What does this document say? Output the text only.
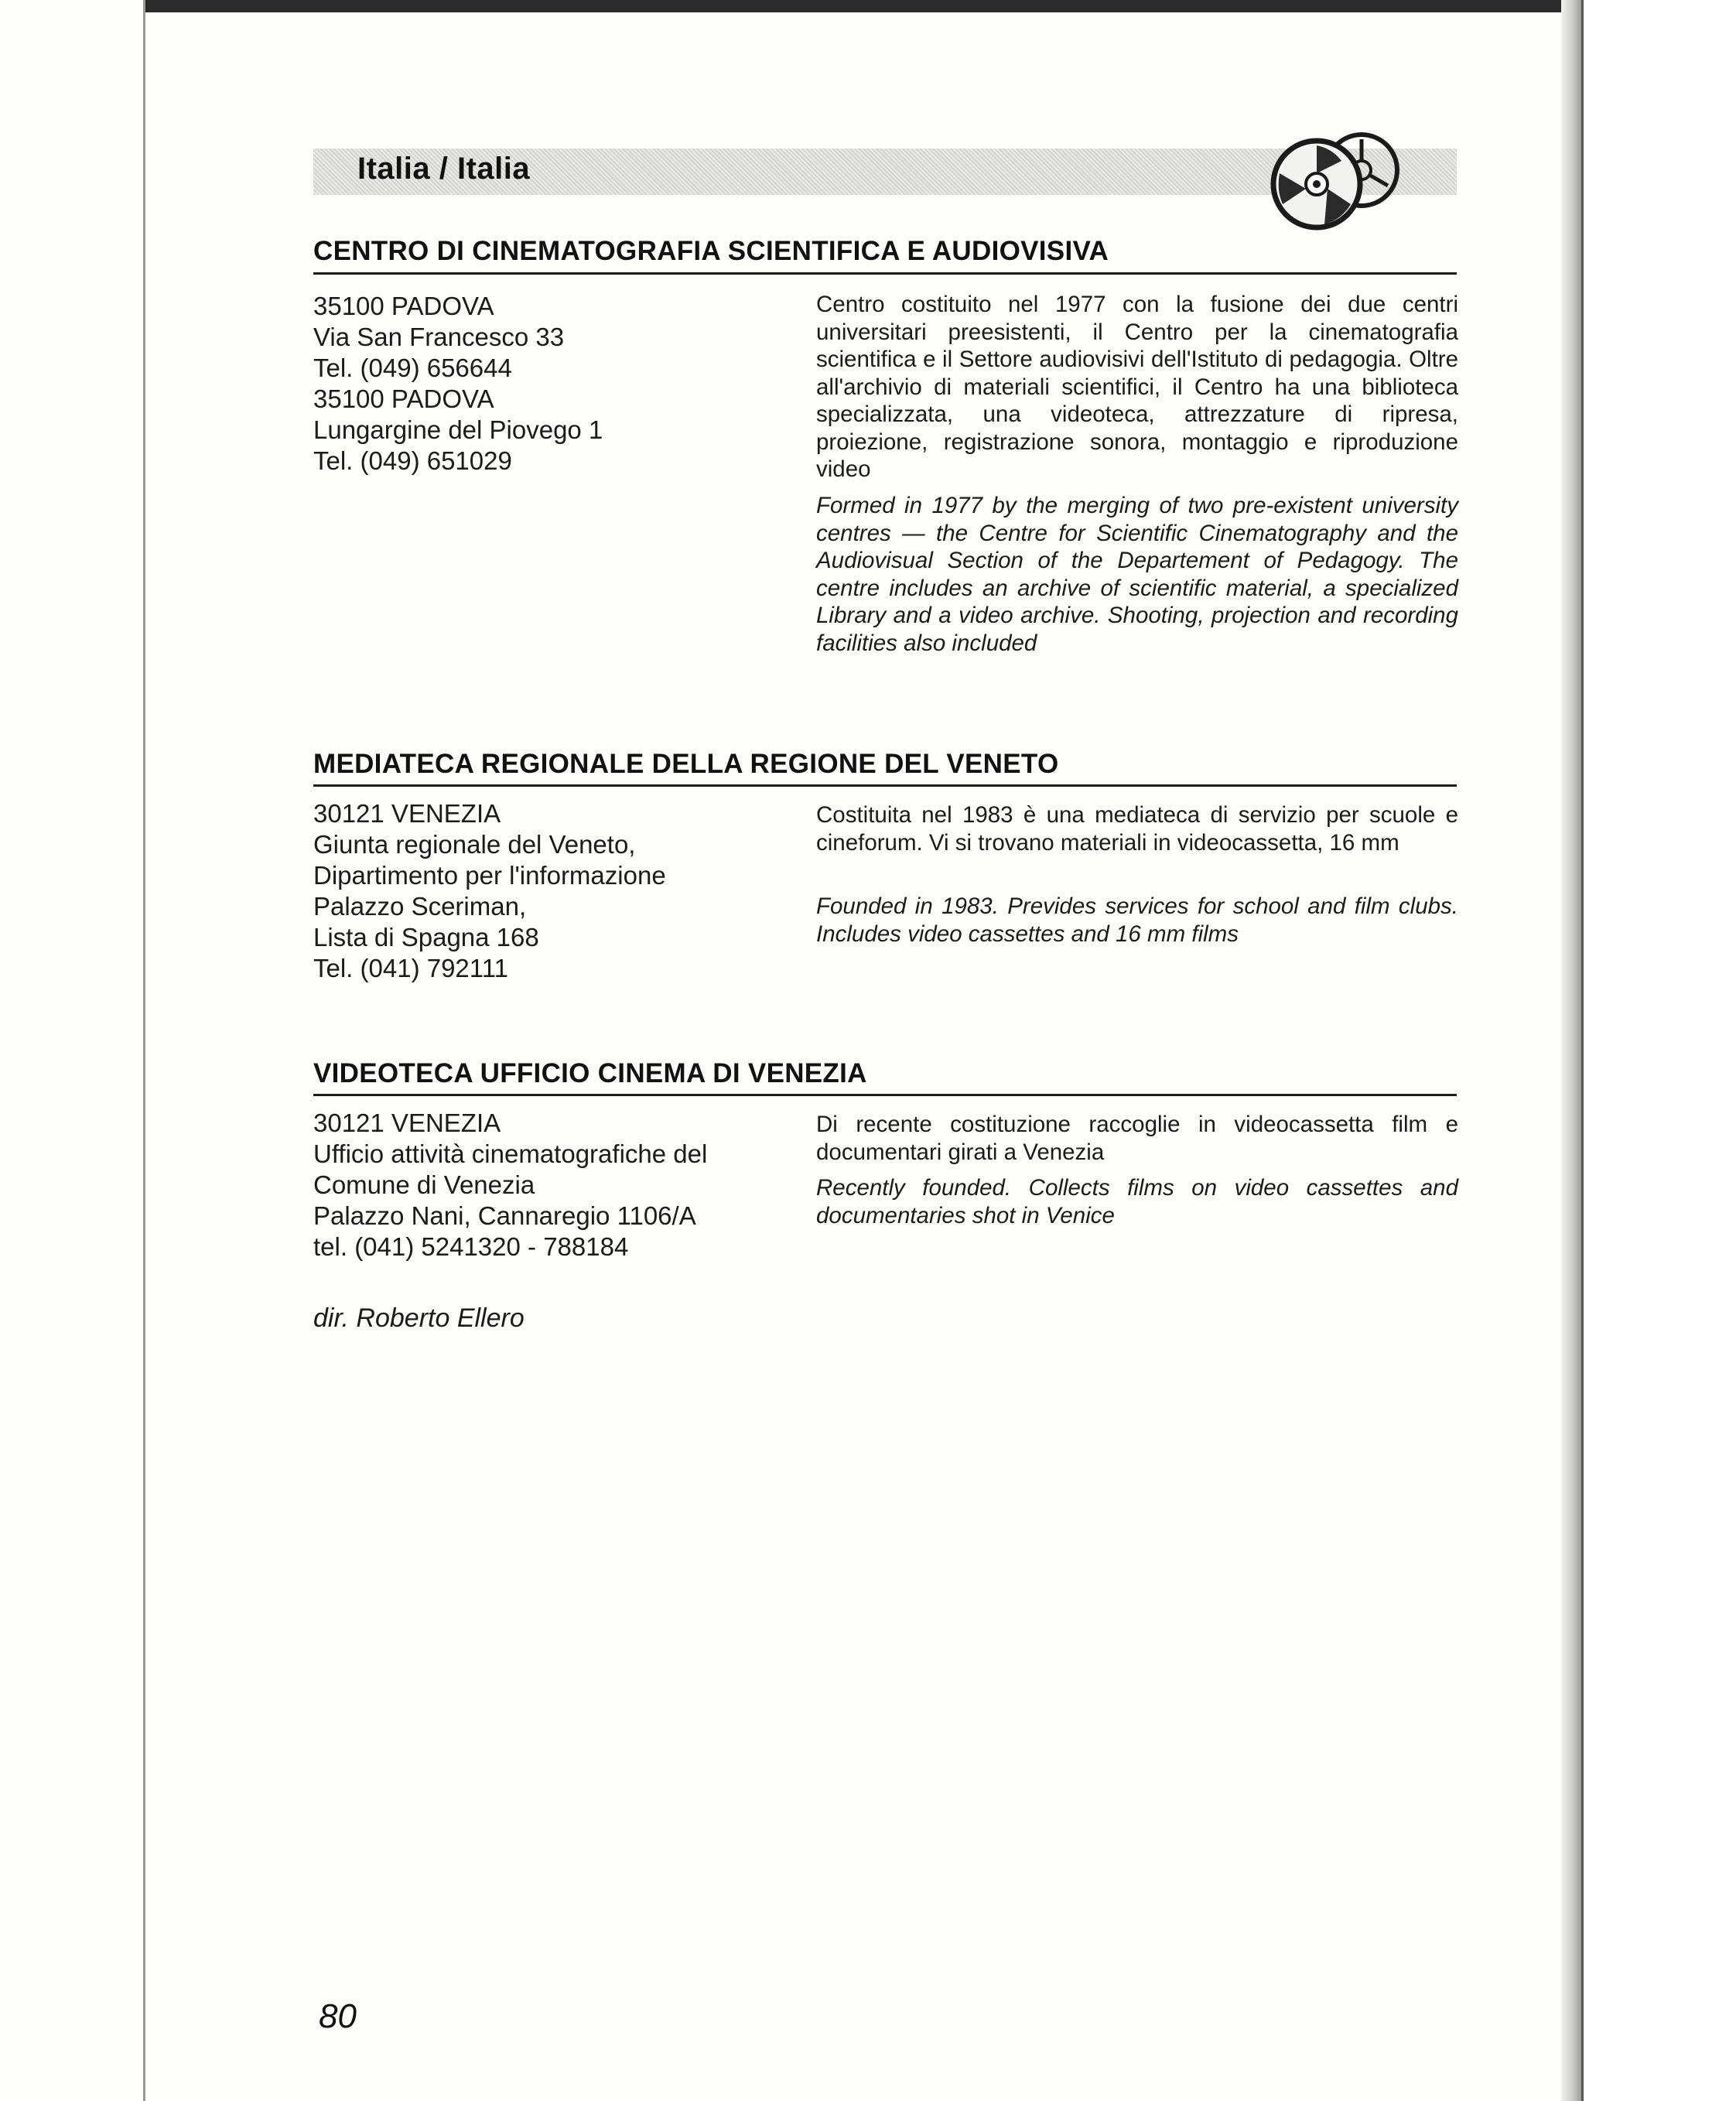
Italia / Italia
CENTRO DI CINEMATOGRAFIA SCIENTIFICA E AUDIOVISIVA
35100 PADOVA
Via San Francesco 33
Tel. (049) 656644
35100 PADOVA
Lungargine del Piovego 1
Tel. (049) 651029
Centro costituito nel 1977 con la fusione dei due centri universitari preesistenti, il Centro per la cinematografia scientifica e il Settore audiovisivi dell'Istituto di pedagogia. Oltre all'archivio di materiali scientifici, il Centro ha una biblioteca specializzata, una videoteca, attrezzature di ripresa, proiezione, registrazione sonora, montaggio e riproduzione video
Formed in 1977 by the merging of two pre-existent university centres — the Centre for Scientific Cinematography and the Audiovisual Section of the Departement of Pedagogy. The centre includes an archive of scientific material, a specialized Library and a video archive. Shooting, projection and recording facilities also included
MEDIATECA REGIONALE DELLA REGIONE DEL VENETO
30121 VENEZIA
Giunta regionale del Veneto,
Dipartimento per l'informazione
Palazzo Sceriman,
Lista di Spagna 168
Tel. (041) 792111
Costituita nel 1983 è una mediateca di servizio per scuole e cineforum. Vi si trovano materiali in videocassetta, 16 mm
Founded in 1983. Prevides services for school and film clubs. Includes video cassettes and 16 mm films
VIDEOTECA UFFICIO CINEMA DI VENEZIA
30121 VENEZIA
Ufficio attività cinematografiche del
Comune di Venezia
Palazzo Nani, Cannaregio 1106/A
tel. (041) 5241320 - 788184
Di recente costituzione raccoglie in videocassetta film e documentari girati a Venezia
Recently founded. Collects films on video cassettes and documentaries shot in Venice
dir. Roberto Ellero
80
